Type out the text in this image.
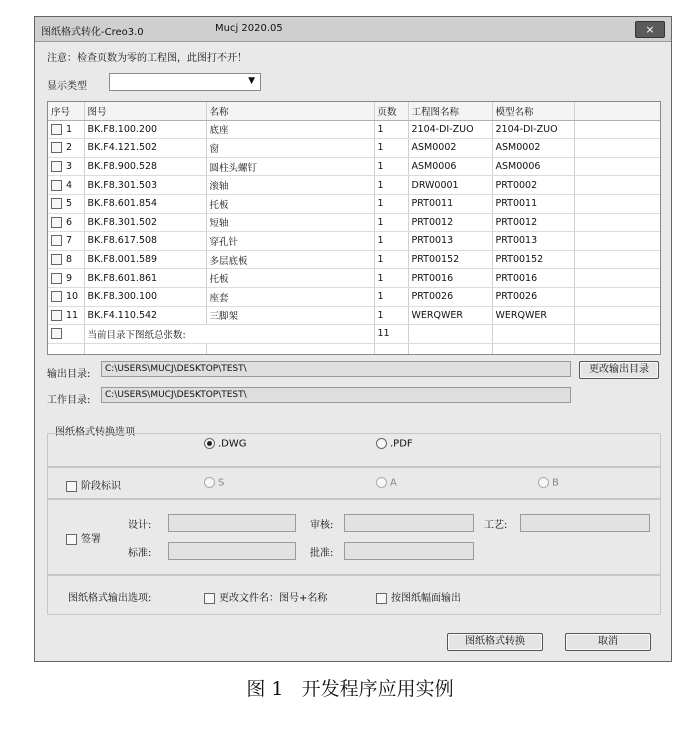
图纸格式转化-Creo3.0	Mucj 2020.05	×
注意：检查页数为零的工程图，此图打不开！
显示类型	▼
序号	图号	名称	页数	工程图名称	模型名称	
1	BK.F8.100.200	底座	1	2104-DI-ZUO	2104-DI-ZUO	
2	BK.F4.121.502	窗	1	ASM0002	ASM0002	
3	BK.F8.900.528	圆柱头螺钉	1	ASM0006	ASM0006	
4	BK.F8.301.503	滚轴	1	DRW0001	PRT0002	
5	BK.F8.601.854	托板	1	PRT0011	PRT0011	
6	BK.F8.301.502	短轴	1	PRT0012	PRT0012	
7	BK.F8.617.508	穿孔针	1	PRT0013	PRT0013	
8	BK.F8.001.589	多层底板	1	PRT00152	PRT00152	
9	BK.F8.601.861	托板	1	PRT0016	PRT0016	
10	BK.F8.300.100	座套	1	PRT0026	PRT0026	
11	BK.F4.110.542	三脚架	1	WERQWER	WERQWER	
	当前目录下图纸总张数:		11			

输出目录:	C:\USERS\MUCJ\DESKTOP\TEST\	更改输出目录
工作目录:	C:\USERS\MUCJ\DESKTOP\TEST\
图纸格式转换选项
.DWG	.PDF
阶段标识	S	A	B
签署
设计:	审核:	工艺:
标准:	批准:
图纸格式输出选项:	更改文件名：图号+名称	按图纸幅面输出
图纸格式转换	取消
图 1 开发程序应用实例
